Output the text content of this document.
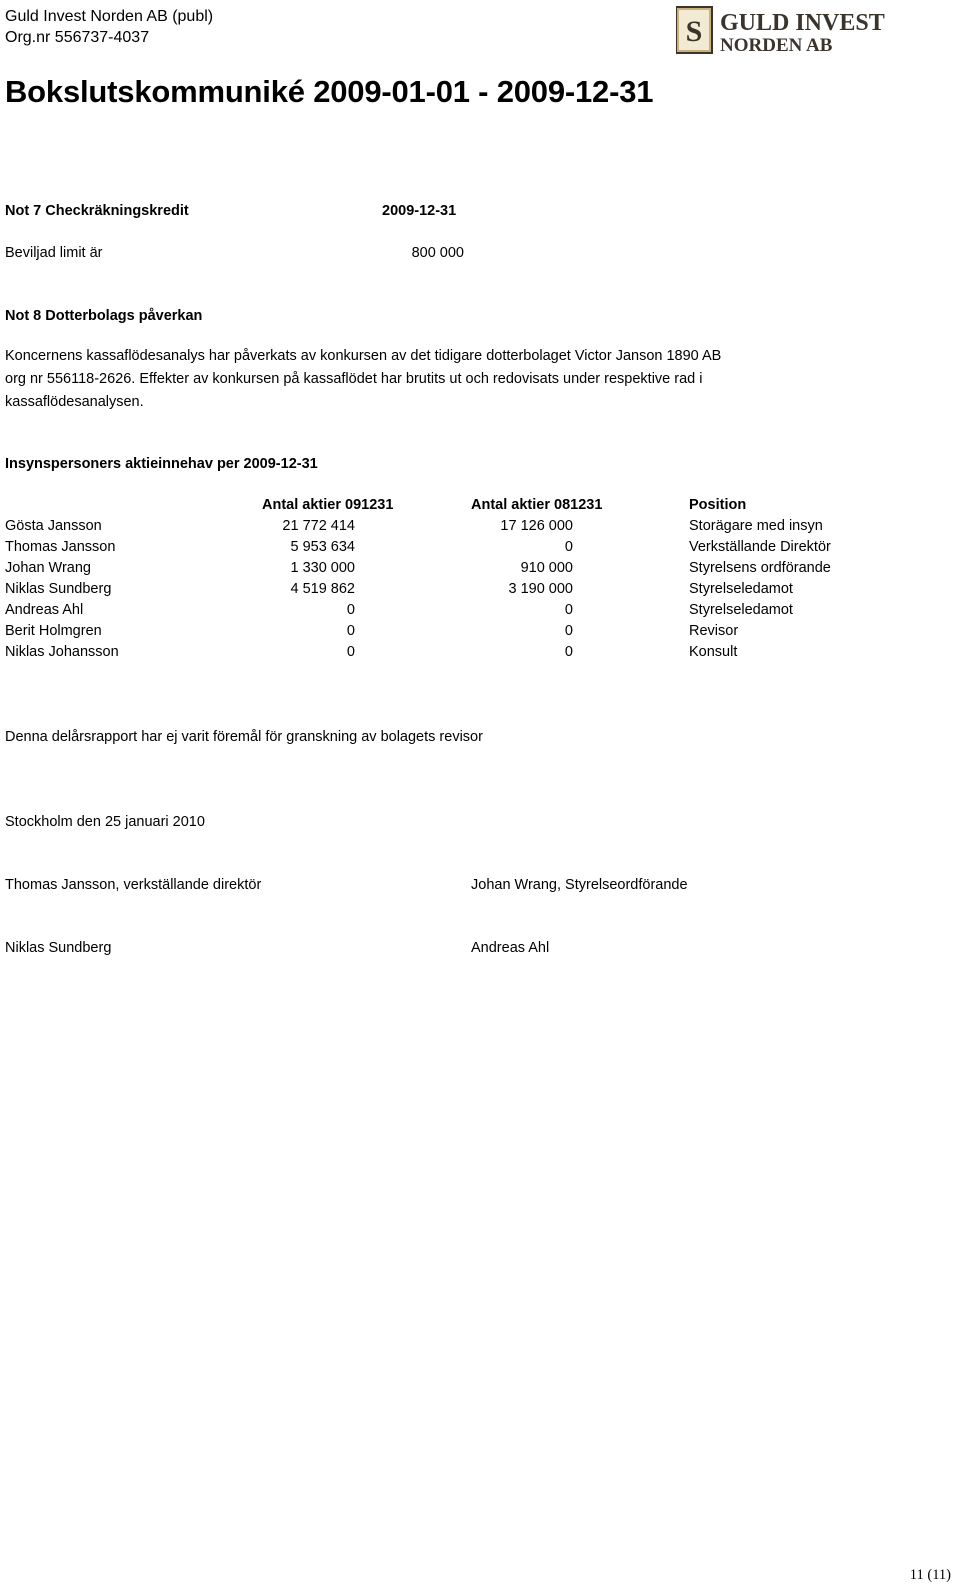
Guld Invest Norden AB (publ)
Org.nr 556737-4037	S GULD INVEST
NORDEN AB
Bokslutskommuniké 2009-01-01 - 2009-12-31
Not 7 Checkräkningskredit	2009-12-31
Beviljad limit är	800 000
Not 8 Dotterbolags påverkan
Koncernens kassaflödesanalys har påverkats av konkursen av det tidigare dotterbolaget Victor Janson 1890 AB
org nr 556118-2626. Effekter av konkursen på kassaflödet har brutits ut och redovisats under respektive rad i
kassaflödesanalysen.
Insynspersoners aktieinnehav per 2009-12-31
Antal aktier 091231	Antal aktier 081231	Position
Gösta Jansson	21 772 414	17 126 000	Storägare med insyn
Thomas Jansson	5 953 634	0	Verkställande Direktör
Johan Wrang	1 330 000	910 000	Styrelsens ordförande
Niklas Sundberg	4 519 862	3 190 000	Styrelseledamot
Andreas Ahl	0	0	Styrelseledamot
Berit Holmgren	0	0	Revisor
Niklas Johansson	0	0	Konsult
Denna delårsrapport har ej varit föremål för granskning av bolagets revisor
Stockholm den 25 januari 2010
Thomas Jansson, verkställande direktör	Johan Wrang, Styrelseordförande
Niklas Sundberg	Andreas Ahl
11 (11)
